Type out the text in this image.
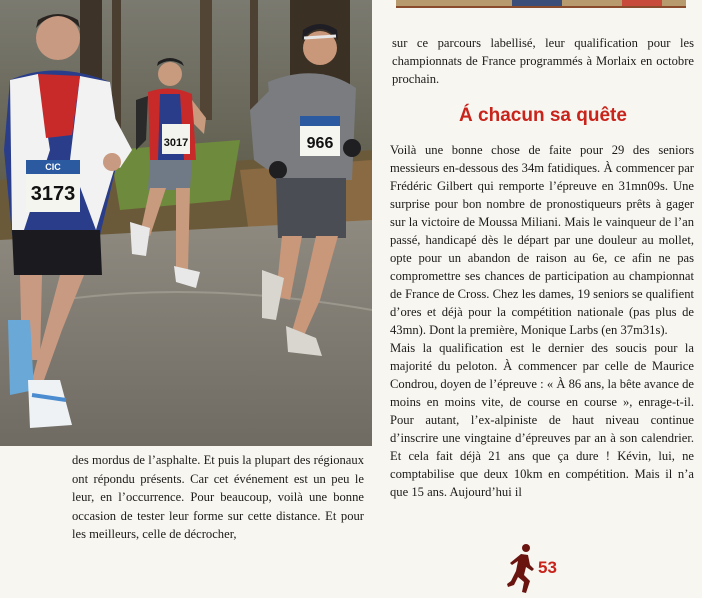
CIC
3173
3017	966

des mordus de l’asphalte. Et puis la plupart des régionaux ont répondu présents. Car cet événement est un peu le leur, en l’occurrence. Pour beaucoup, voilà une bonne occasion de tester leur forme sur cette distance. Et pour les meilleurs, celle de décrocher,

sur ce parcours labellisé, leur qualification pour les championnats de France programmés à Morlaix en octobre prochain.

Á chacun sa quête
Voilà une bonne chose de faite pour 29 des seniors messieurs en-dessous des 34m fatidiques. À commencer par Frédéric Gilbert qui remporte l’épreuve en 31mn09s. Une surprise pour bon nombre de pronostiqueurs prêts à gager sur la victoire de Moussa Miliani. Mais le vainqueur de l’an passé, handicapé dès le départ par une douleur au mollet, opte pour un abandon de raison au 6e, ce afin ne pas compromettre ses chances de participation au championnat de France de Cross. Chez les dames, 19 seniors se qualifient d’ores et déjà pour la compétition nationale (pas plus de 43mn). Dont la première, Monique Larbs (en 37m31s).
Mais la qualification est le dernier des soucis pour la majorité du peloton. À commencer par celle de Maurice Condrou, doyen de l’épreuve : « À 86 ans, la bête avance de moins en moins vite, de course en course », enrage-t-il. Pour autant, l’ex-alpiniste de haut niveau continue d’inscrire une vingtaine d’épreuves par an à son calendrier. Et cela fait déjà 21 ans que ça dure ! Kévin, lui, ne comptabilise que deux 10km en compétition. Mais il n’a que 15 ans. Aujourd’hui il
53
